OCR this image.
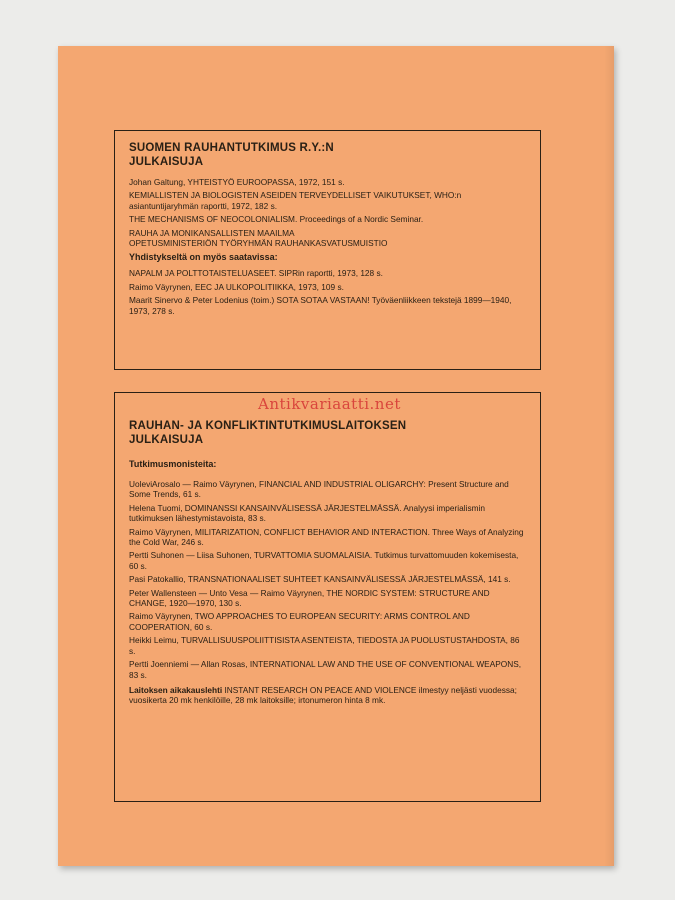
SUOMEN RAUHANTUTKIMUS R.Y.:N
JULKAISUJA
Johan Galtung, YHTEISTYÖ EUROOPASSA, 1972, 151 s.
KEMIALLISTEN JA BIOLOGISTEN ASEIDEN TERVEYDELLISET VAIKUTUKSET, WHO:n asiantuntijaryhmän raportti, 1972, 182 s.
THE MECHANISMS OF NEOCOLONIALISM. Proceedings of a Nordic Seminar.
RAUHA JA MONIKANSALLISTEN MAAILMA
OPETUSMINISTERIÖN TYÖRYHMÄN RAUHANKASVATUSMUISTIO
Yhdistykseltä on myös saatavissa:
NAPALM JA POLTTOTAISTELUASEET. SIPRin raportti, 1973, 128 s.
Raimo Väyrynen, EEC JA ULKOPOLITIIKKA, 1973, 109 s.
Maarit Sinervo & Peter Lodenius (toim.) SOTA SOTAA VASTAAN! Työväenliikkeen tekstejä 1899—1940, 1973, 278 s.
Antikvariaatti.net
RAUHAN- JA KONFLIKTINTUTKIMUSLAITOKSEN
JULKAISUJA
Tutkimusmonisteita:
UoleviArosalo — Raimo Väyrynen, FINANCIAL AND INDUSTRIAL OLIGARCHY: Present Structure and Some Trends, 61 s.
Helena Tuomi, DOMINANSSI KANSAINVÄLISESSÄ JÄRJESTELMÄSSÄ. Analyysi imperialismin tutkimuksen lähestymistavoista, 83 s.
Raimo Väyrynen, MILITARIZATION, CONFLICT BEHAVIOR AND INTERACTION. Three Ways of Analyzing the Cold War, 246 s.
Pertti Suhonen — Liisa Suhonen, TURVATTOMIA SUOMALAISIA. Tutkimus turvattomuuden kokemisesta, 60 s.
Pasi Patokallio, TRANSNATIONAALISET SUHTEET KANSAINVÄLISESSÄ JÄRJESTELMÄSSÄ, 141 s.
Peter Wallensteen — Unto Vesa — Raimo Väyrynen, THE NORDIC SYSTEM: STRUCTURE AND CHANGE, 1920—1970, 130 s.
Raimo Väyrynen, TWO APPROACHES TO EUROPEAN SECURITY: ARMS CONTROL AND COOPERATION, 60 s.
Heikki Leimu, TURVALLISUUSPOLIITTISISTA ASENTEISTA, TIEDOSTA JA PUOLUSTUSTAHDOSTA, 86 s.
Pertti Joenniemi — Allan Rosas, INTERNATIONAL LAW AND THE USE OF CONVENTIONAL WEAPONS, 83 s.
Laitoksen aikakauslehti INSTANT RESEARCH ON PEACE AND VIOLENCE ilmestyy neljästi vuodessa; vuosikerta 20 mk henkilöille, 28 mk laitoksille; irtonumeron hinta 8 mk.
